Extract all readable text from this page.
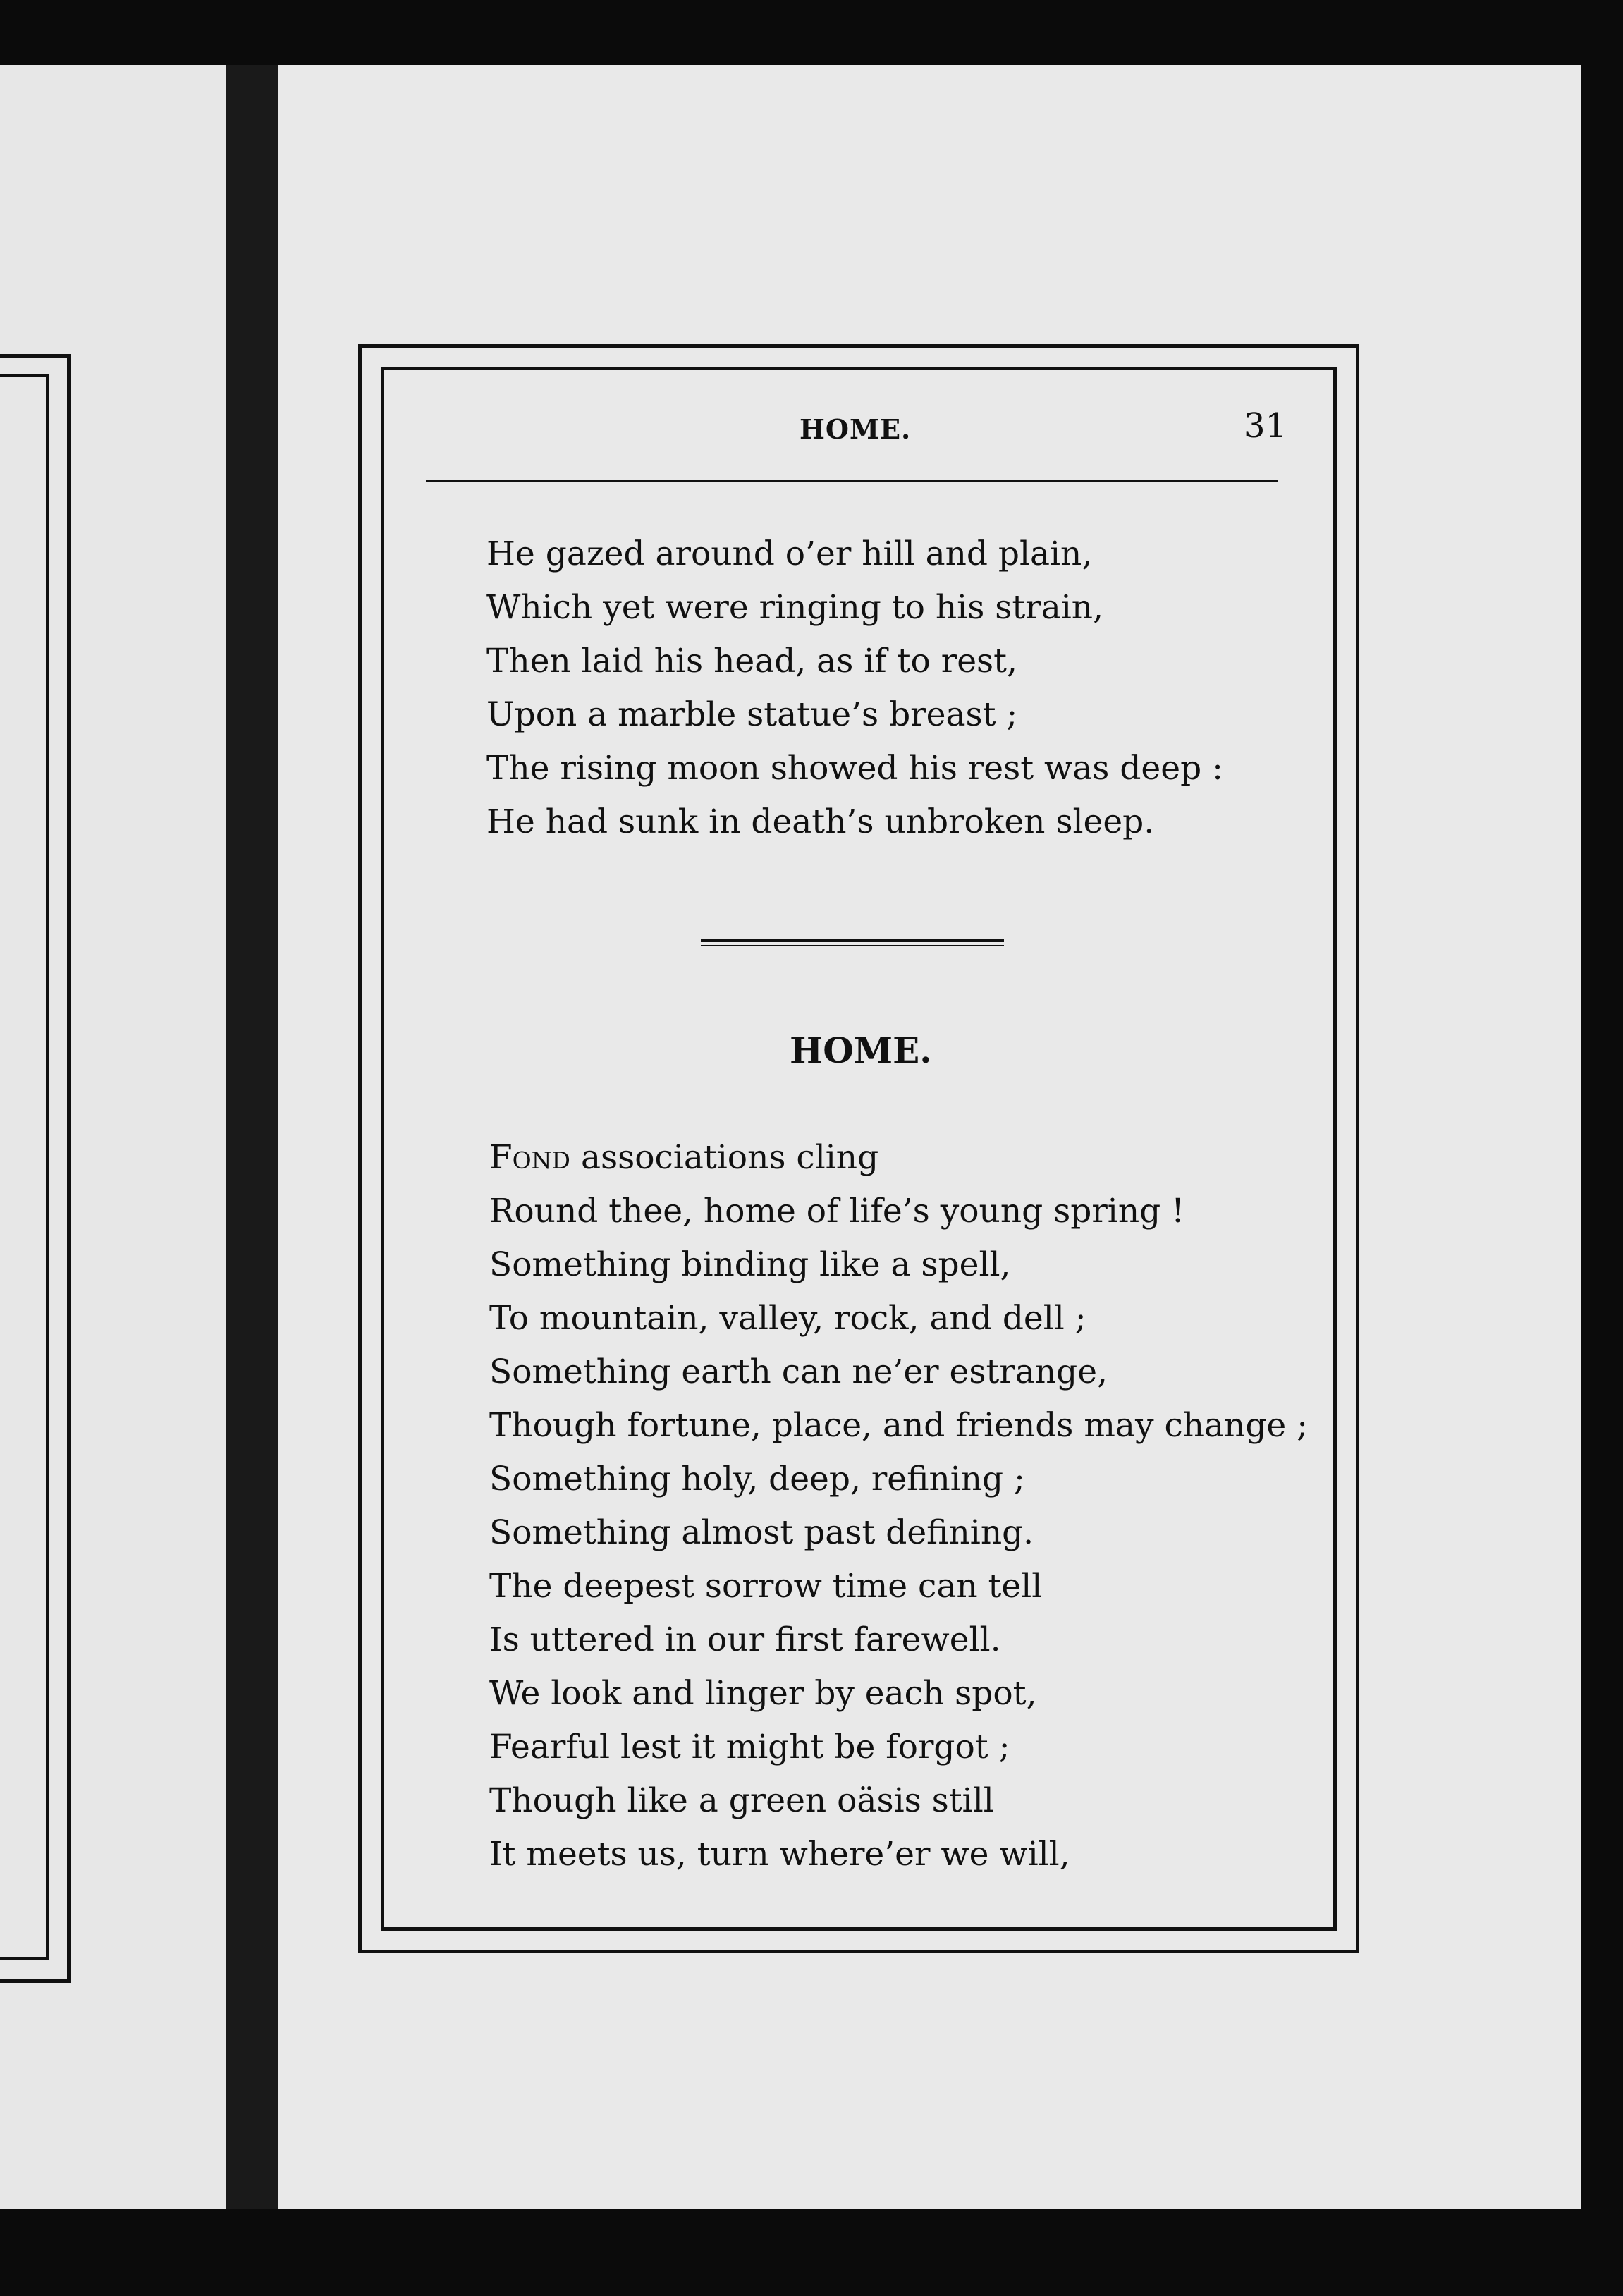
HOME.	31
He gazed around o’er hill and plain,
Which yet were ringing to his strain,
Then laid his head, as if to rest,
Upon a marble statue’s breast ;
The rising moon showed his rest was deep :
He had sunk in death’s unbroken sleep.
HOME.
Fond associations cling
Round thee, home of life’s young spring !
Something binding like a spell,
To mountain, valley, rock, and dell ;
Something earth can ne’er estrange,
Though fortune, place, and friends may change ;
Something holy, deep, refining ;
Something almost past defining.
The deepest sorrow time can tell
Is uttered in our first farewell.
We look and linger by each spot,
Fearful lest it might be forgot ;
Though like a green oäsis still
It meets us, turn where’er we will,
